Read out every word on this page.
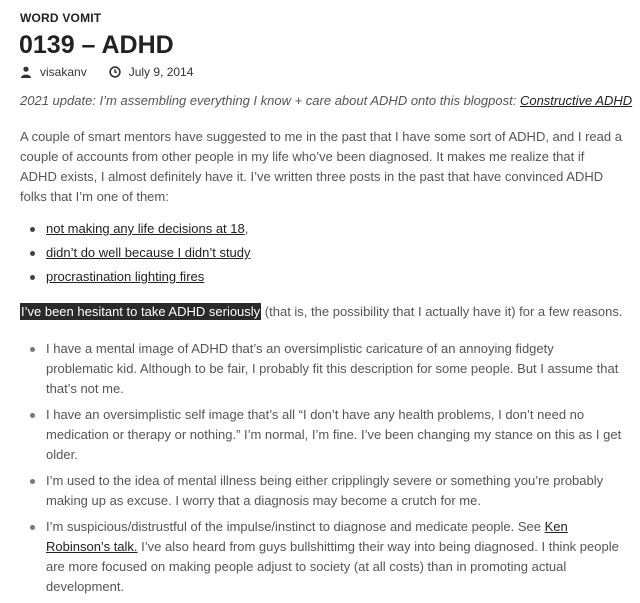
WORD VOMIT
0139 – ADHD
visakanv	July 9, 2014
2021 update: I’m assembling everything I know + care about ADHD onto this blogpost: Constructive ADHD

A couple of smart mentors have suggested to me in the past that I have some sort of ADHD, and I read a couple of accounts from other people in my life who’ve been diagnosed. It makes me realize that if ADHD exists, I almost definitely have it. I’ve written three posts in the past that have convinced ADHD folks that I’m one of them:

not making any life decisions at 18,
didn’t do well because I didn’t study
procrastination lighting fires
I’ve been hesitant to take ADHD seriously (that is, the possibility that I actually have it) for a few reasons.
I have a mental image of ADHD that’s an oversimplistic caricature of an annoying fidgety problematic kid. Although to be fair, I probably fit this description for some people. But I assume that that’s not me.
I have an oversimplistic self image that’s all “I don’t have any health problems, I don’t need no medication or therapy or nothing.” I’m normal, I’m fine. I’ve been changing my stance on this as I get older.
I’m used to the idea of mental illness being either cripplingly severe or something you’re probably making up as excuse. I worry that a diagnosis may become a crutch for me.
I’m suspicious/distrustful of the impulse/instinct to diagnose and medicate people. See Ken Robinson’s talk. I’ve also heard from guys bullshittimg their way into being diagnosed. I think people are more focused on making people adjust to society (at all costs) than in promoting actual development.
